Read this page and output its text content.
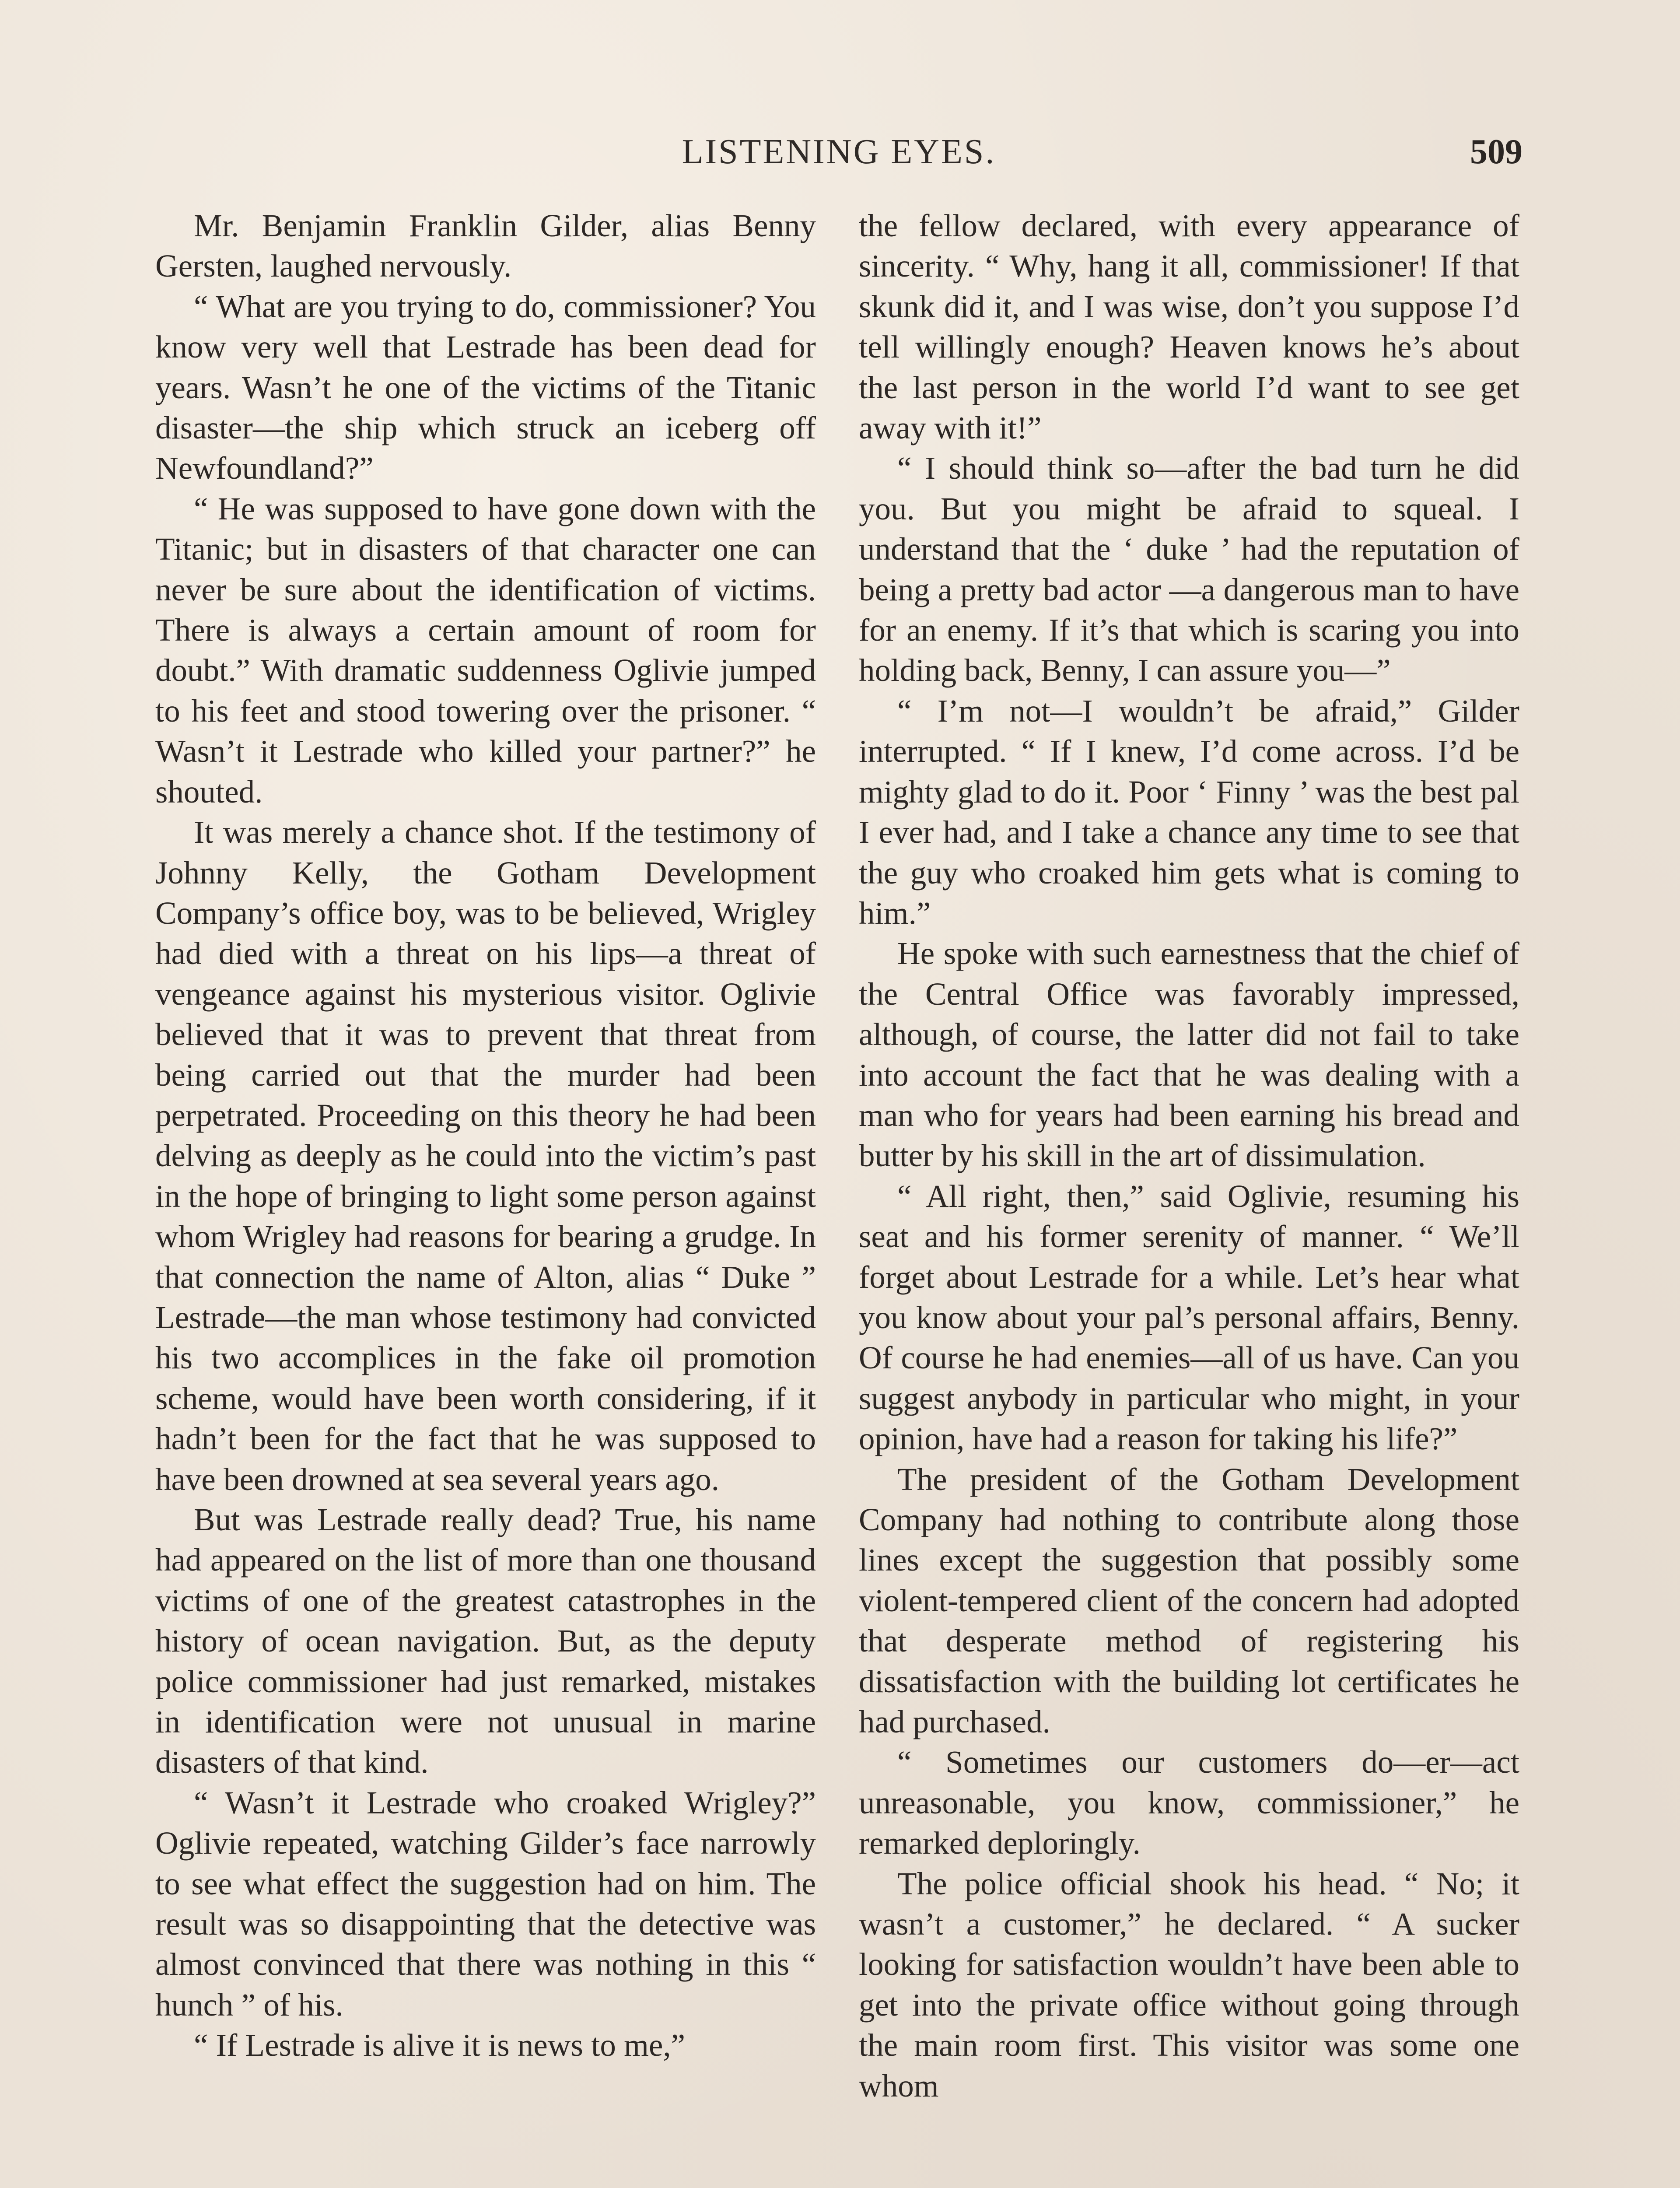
LISTENING EYES.	509

Mr. Benjamin Franklin Gilder, alias Benny Gersten, laughed nervously.

“ What are you trying to do, commissioner? You know very well that Lestrade has been dead for years. Wasn’t he one of the victims of the Titanic disaster—the ship which struck an iceberg off Newfoundland?”

“ He was supposed to have gone down with the Titanic; but in disasters of that character one can never be sure about the identification of victims. There is always a certain amount of room for doubt.” With dramatic suddenness Oglivie jumped to his feet and stood towering over the prisoner. “ Wasn’t it Lestrade who killed your partner?” he shouted.

It was merely a chance shot. If the testimony of Johnny Kelly, the Gotham Development Company’s office boy, was to be believed, Wrigley had died with a threat on his lips—a threat of vengeance against his mysterious visitor. Oglivie believed that it was to prevent that threat from being carried out that the murder had been perpetrated. Proceeding on this theory he had been delving as deeply as he could into the victim’s past in the hope of bringing to light some person against whom Wrigley had reasons for bearing a grudge. In that connection the name of Alton, alias “ Duke ” Lestrade—the man whose testimony had convicted his two accomplices in the fake oil promotion scheme, would have been worth considering, if it hadn’t been for the fact that he was supposed to have been drowned at sea several years ago.

But was Lestrade really dead? True, his name had appeared on the list of more than one thousand victims of one of the greatest catastrophes in the history of ocean navigation. But, as the deputy police commissioner had just remarked, mistakes in identification were not unusual in marine disasters of that kind.

“ Wasn’t it Lestrade who croaked Wrigley?” Oglivie repeated, watching Gilder’s face narrowly to see what effect the suggestion had on him. The result was so disappointing that the detective was almost convinced that there was nothing in this “ hunch ” of his.

“ If Lestrade is alive it is news to me,”

the fellow declared, with every appearance of sincerity. “ Why, hang it all, commissioner! If that skunk did it, and I was wise, don’t you suppose I’d tell willingly enough? Heaven knows he’s about the last person in the world I’d want to see get away with it!”

“ I should think so—after the bad turn he did you. But you might be afraid to squeal. I understand that the ‘ duke ’ had the reputation of being a pretty bad actor —a dangerous man to have for an enemy. If it’s that which is scaring you into holding back, Benny, I can assure you—”

“ I’m not—I wouldn’t be afraid,” Gilder interrupted. “ If I knew, I’d come across. I’d be mighty glad to do it. Poor ‘ Finny ’ was the best pal I ever had, and I take a chance any time to see that the guy who croaked him gets what is coming to him.”

He spoke with such earnestness that the chief of the Central Office was favorably impressed, although, of course, the latter did not fail to take into account the fact that he was dealing with a man who for years had been earning his bread and butter by his skill in the art of dissimulation.

“ All right, then,” said Oglivie, resuming his seat and his former serenity of manner. “ We’ll forget about Lestrade for a while. Let’s hear what you know about your pal’s personal affairs, Benny. Of course he had enemies—all of us have. Can you suggest anybody in particular who might, in your opinion, have had a reason for taking his life?”

The president of the Gotham Development Company had nothing to contribute along those lines except the suggestion that possibly some violent-tempered client of the concern had adopted that desperate method of registering his dissatisfaction with the building lot certificates he had purchased.

“ Sometimes our customers do—er—act unreasonable, you know, commissioner,” he remarked deploringly.

The police official shook his head. “ No; it wasn’t a customer,” he declared. “ A sucker looking for satisfaction wouldn’t have been able to get into the private office without going through the main room first. This visitor was some one whom
